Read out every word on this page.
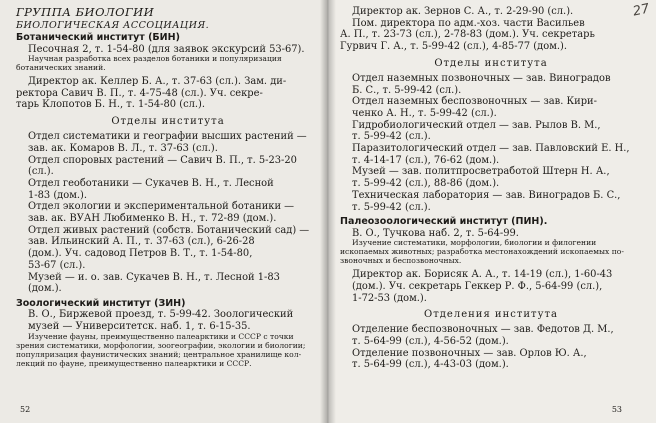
ГРУППА БИОЛОГИИ

БИОЛОГИЧЕСКАЯ АССОЦИАЦИЯ.

Ботанический институт (БИН)

Песочная 2, т. 1-54-80 (для заявок экскурсий 53-67).

Научная разработка всех разделов ботаники и популяризация

ботанических знаний.

Директор ак. Келлер Б. А., т. 37-63 (сл.). Зам. ди-

ректора Савич В. П., т. 4-75-48 (сл.). Уч. секре-

тарь Клопотов Б. Н., т. 1-54-80 (сл.).

Отделы института

Отдел систематики и географии высших растений —

зав. ак. Комаров В. Л., т. 37-63 (сл.).

Отдел споровых растений — Савич В. П., т. 5-23-20

(сл.).

Отдел геоботаники — Сукачев В. Н., т. Лесной

1-83 (дом.).

Отдел экологии и экспериментальной ботаники —

зав. ак. ВУАН Любименко В. Н., т. 72-89 (дом.).

Отдел живых растений (собств. Ботанический сад) —

зав. Ильинский А. П., т. 37-63 (сл.), 6-26-28

(дом.). Уч. садовод Петров В. Т., т. 1-54-80,

53-67 (сл.).

Музей — и. о. зав. Сукачев В. Н., т. Лесной 1-83

(дом.).

Зоологический институт (ЗИН)

В. О., Биржевой проезд, т. 5-99-42. Зоологический

музей — Университетск. наб. 1, т. 6-15-35.

Изучение фауны, преимущественно палеарктики и СССР с точки

зрения систематики, морфологии, зоогеографии, экологии и биологии;

популяризация фаунистических знаний; центральное хранилище кол-

лекций по фауне, преимущественно палеарктики и СССР.

52
27

Директор ак. Зернов С. А., т. 2-29-90 (сл.).

Пом. директора по адм.-хоз. части Васильев

А. П., т. 23-73 (сл.), 2-78-83 (дом.). Уч. секретарь

Гурвич Г. А., т. 5-99-42 (сл.), 4-85-77 (дом.).

Отделы института

Отдел наземных позвоночных — зав. Виноградов

Б. С., т. 5-99-42 (сл.).

Отдел наземных беспозвоночных — зав. Кири-

ченко А. Н., т. 5-99-42 (сл.).

Гидробиологический отдел — зав. Рылов В. М.,

т. 5-99-42 (сл.).

Паразитологический отдел — зав. Павловский Е. Н.,

т. 4-14-17 (сл.), 76-62 (дом.).

Музей — зав. политпросветработой Штерн Н. А.,

т. 5-99-42 (сл.), 88-86 (дом.).

Техническая лаборатория — зав. Виноградов Б. С.,

т. 5-99-42 (сл.).

Палеозоологический институт (ПИН).

В. О., Тучкова наб. 2, т. 5-64-99.

Изучение систематики, морфологии, биологии и филогении

ископаемых животных; разработка местонахождений ископаемых по-

звоночных и беспозвоночных.

Директор ак. Борисяк А. А., т. 14-19 (сл.), 1-60-43

(дом.). Уч. секретарь Геккер Р. Ф., 5-64-99 (сл.),

1-72-53 (дом.).

Отделения института

Отделение беспозвоночных — зав. Федотов Д. М.,

т. 5-64-99 (сл.), 4-56-52 (дом.).

Отделение позвоночных — зав. Орлов Ю. А.,

т. 5-64-99 (сл.), 4-43-03 (дом.).

53
